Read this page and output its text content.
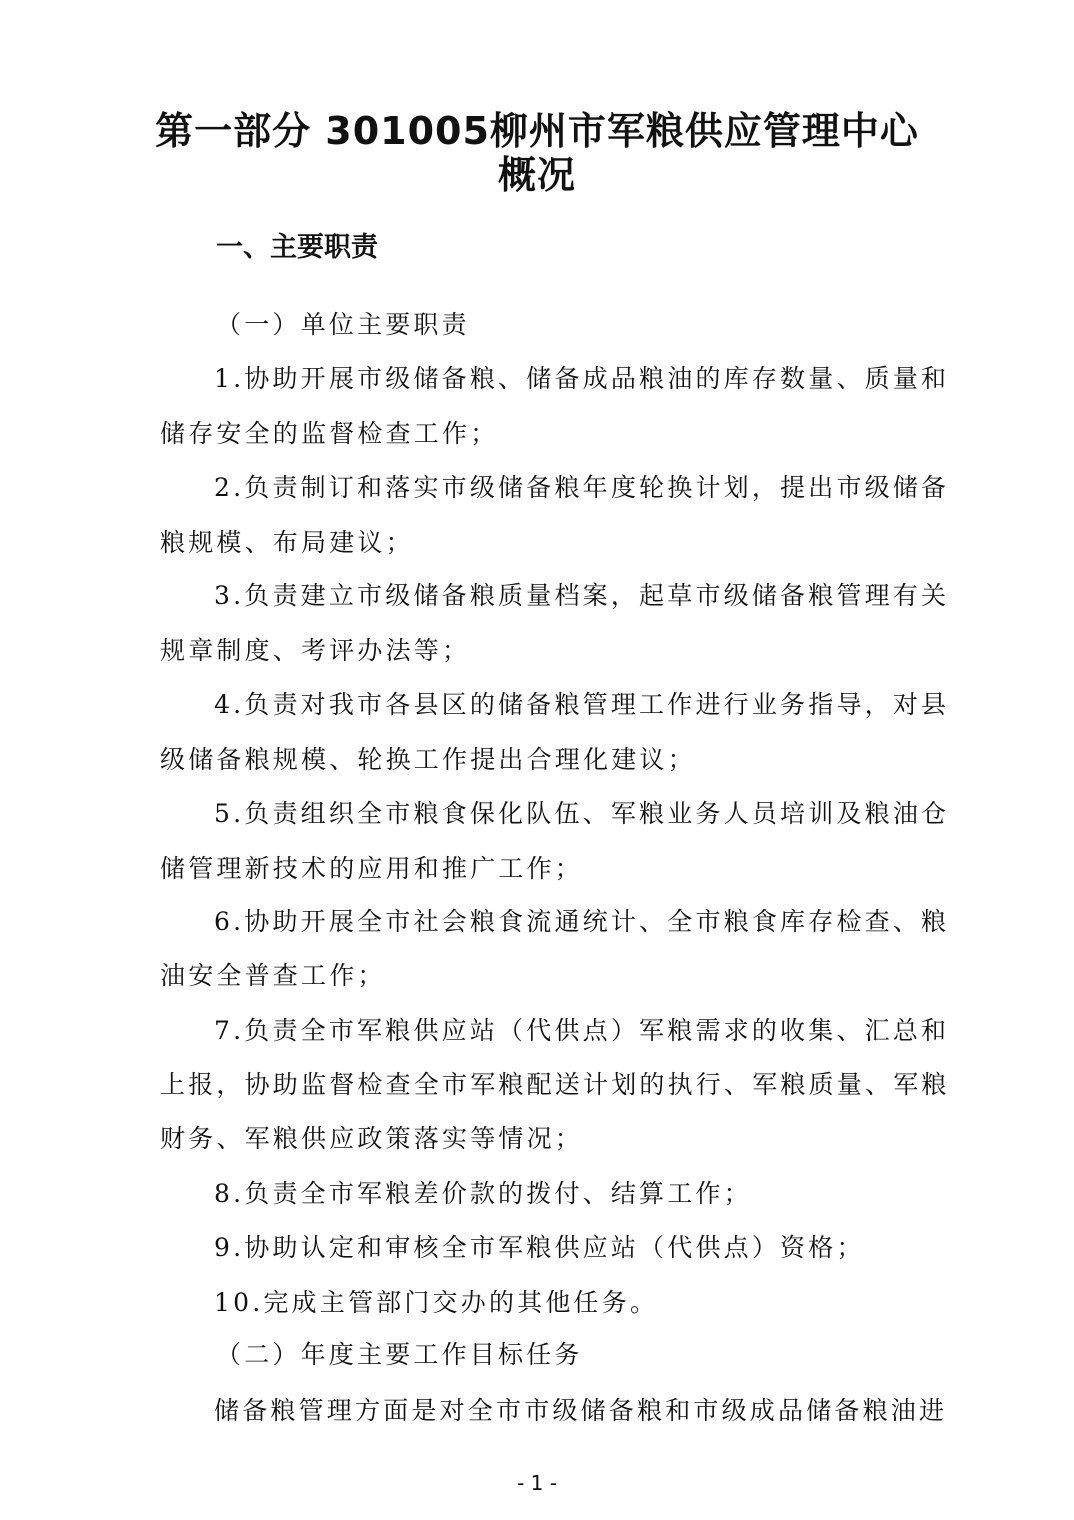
第一部分 301005柳州市军粮供应管理中心
概况
一、主要职责

（一）单位主要职责

1.协助开展市级储备粮、储备成品粮油的库存数量、质量和

储存安全的监督检查工作；

2.负责制订和落实市级储备粮年度轮换计划，提出市级储备

粮规模、布局建议；

3.负责建立市级储备粮质量档案，起草市级储备粮管理有关

规章制度、考评办法等；

4.负责对我市各县区的储备粮管理工作进行业务指导，对县

级储备粮规模、轮换工作提出合理化建议；

5.负责组织全市粮食保化队伍、军粮业务人员培训及粮油仓

储管理新技术的应用和推广工作；

6.协助开展全市社会粮食流通统计、全市粮食库存检查、粮

油安全普查工作；

7.负责全市军粮供应站（代供点）军粮需求的收集、汇总和

上报，协助监督检查全市军粮配送计划的执行、军粮质量、军粮

财务、军粮供应政策落实等情况；

8.负责全市军粮差价款的拨付、结算工作；

9.协助认定和审核全市军粮供应站（代供点）资格；

10.完成主管部门交办的其他任务。

（二）年度主要工作目标任务

储备粮管理方面是对全市市级储备粮和市级成品储备粮油进

- 1 -
